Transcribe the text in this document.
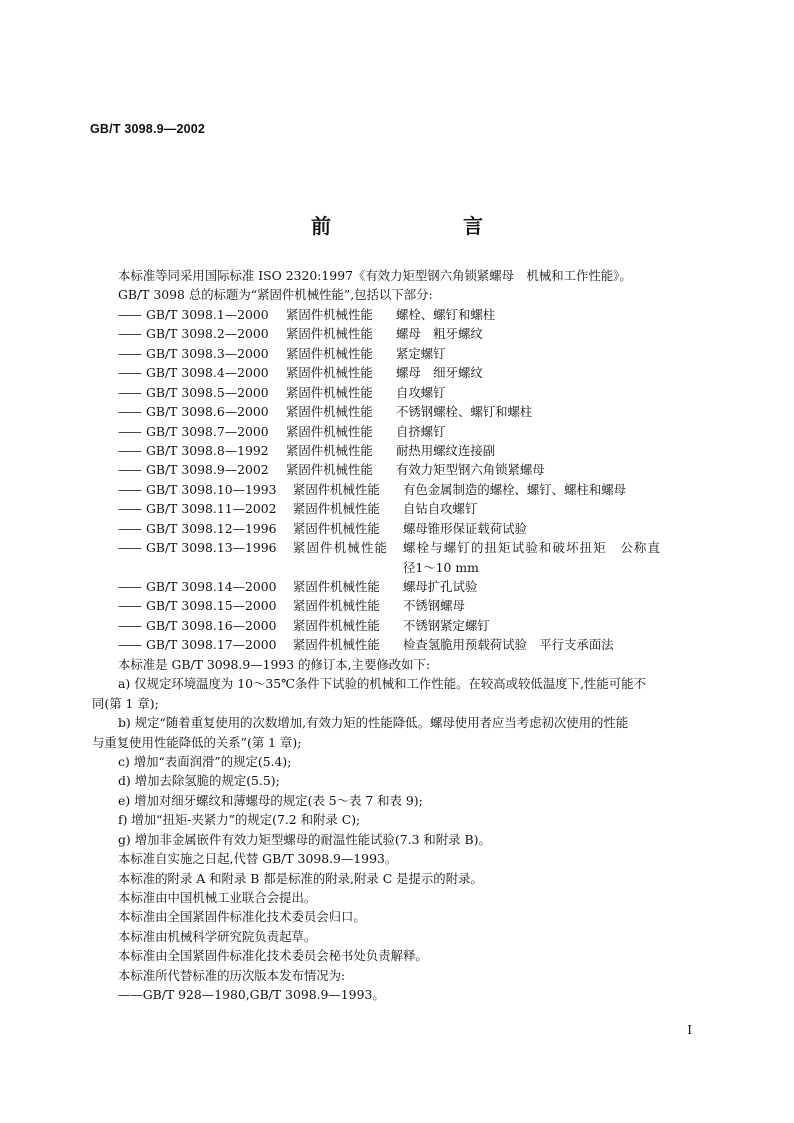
GB/T 3098.9—2002
前　言
本标准等同采用国际标准 ISO 2320:1997《有效力矩型钢六角锁紧螺母　机械和工作性能》。
GB/T 3098 总的标题为“紧固件机械性能”,包括以下部分:
—— GB/T 3098.1—2000	紧固件机械性能	螺栓、螺钉和螺柱
—— GB/T 3098.2—2000	紧固件机械性能	螺母　粗牙螺纹
—— GB/T 3098.3—2000	紧固件机械性能	紧定螺钉
—— GB/T 3098.4—2000	紧固件机械性能	螺母　细牙螺纹
—— GB/T 3098.5—2000	紧固件机械性能	自攻螺钉
—— GB/T 3098.6—2000	紧固件机械性能	不锈钢螺栓、螺钉和螺柱
—— GB/T 3098.7—2000	紧固件机械性能	自挤螺钉
—— GB/T 3098.8—1992	紧固件机械性能	耐热用螺纹连接副
—— GB/T 3098.9—2002	紧固件机械性能	有效力矩型钢六角锁紧螺母
—— GB/T 3098.10—1993	紧固件机械性能	有色金属制造的螺栓、螺钉、螺柱和螺母
—— GB/T 3098.11—2002	紧固件机械性能	自钻自攻螺钉
—— GB/T 3098.12—1996	紧固件机械性能	螺母锥形保证载荷试验
—— GB/T 3098.13—1996	紧固件机械性能	螺栓与螺钉的扭矩试验和破坏扭矩　公称直
径1～10 mm
—— GB/T 3098.14—2000	紧固件机械性能	螺母扩孔试验
—— GB/T 3098.15—2000	紧固件机械性能	不锈钢螺母
—— GB/T 3098.16—2000	紧固件机械性能	不锈钢紧定螺钉
—— GB/T 3098.17—2000	紧固件机械性能	检查氢脆用预载荷试验　平行支承面法
本标准是 GB/T 3098.9—1993 的修订本,主要修改如下:
a) 仅规定环境温度为 10～35℃条件下试验的机械和工作性能。在较高或较低温度下,性能可能不
同(第 1 章);
b) 规定“随着重复使用的次数增加,有效力矩的性能降低。螺母使用者应当考虑初次使用的性能
与重复使用性能降低的关系”(第 1 章);
c) 增加“表面润滑”的规定(5.4);
d) 增加去除氢脆的规定(5.5);
e) 增加对细牙螺纹和薄螺母的规定(表 5～表 7 和表 9);
f) 增加“扭矩-夹紧力”的规定(7.2 和附录 C);
g) 增加非金属嵌件有效力矩型螺母的耐温性能试验(7.3 和附录 B)。
本标准自实施之日起,代替 GB/T 3098.9—1993。
本标准的附录 A 和附录 B 都是标准的附录,附录 C 是提示的附录。
本标准由中国机械工业联合会提出。
本标准由全国紧固件标准化技术委员会归口。
本标准由机械科学研究院负责起草。
本标准由全国紧固件标准化技术委员会秘书处负责解释。
本标准所代替标准的历次版本发布情况为:
——GB/T 928—1980,GB/T 3098.9—1993。
I
